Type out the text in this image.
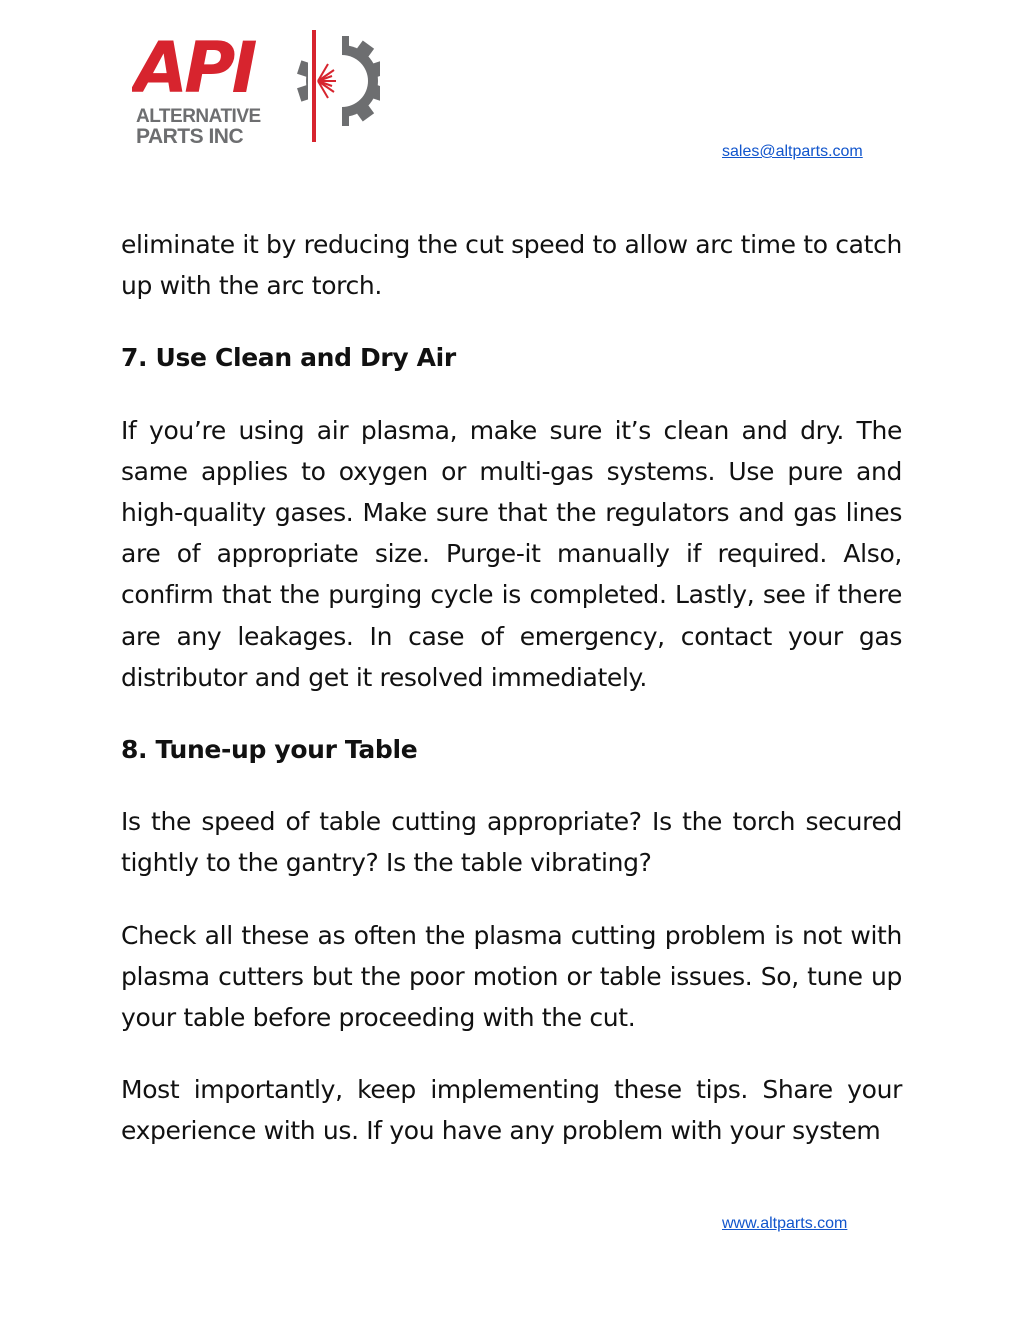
API
ALTERNATIVE
PARTS INC
sales@altparts.com

eliminate it by reducing the cut speed to allow arc time to catch up with the arc torch.

7. Use Clean and Dry Air

If you’re using air plasma, make sure it’s clean and dry. The same applies to oxygen or multi-gas systems. Use pure and high-quality gases. Make sure that the regulators and gas lines are of appropriate size. Purge-it manually if required. Also, confirm that the purging cycle is completed. Lastly, see if there are any leakages. In case of emergency, contact your gas distributor and get it resolved immediately.

8. Tune-up your Table

Is the speed of table cutting appropriate? Is the torch secured tightly to the gantry? Is the table vibrating?

Check all these as often the plasma cutting problem is not with plasma cutters but the poor motion or table issues. So, tune up your table before proceeding with the cut.

Most importantly, keep implementing these tips. Share your experience with us. If you have any problem with your system

www.altparts.com
